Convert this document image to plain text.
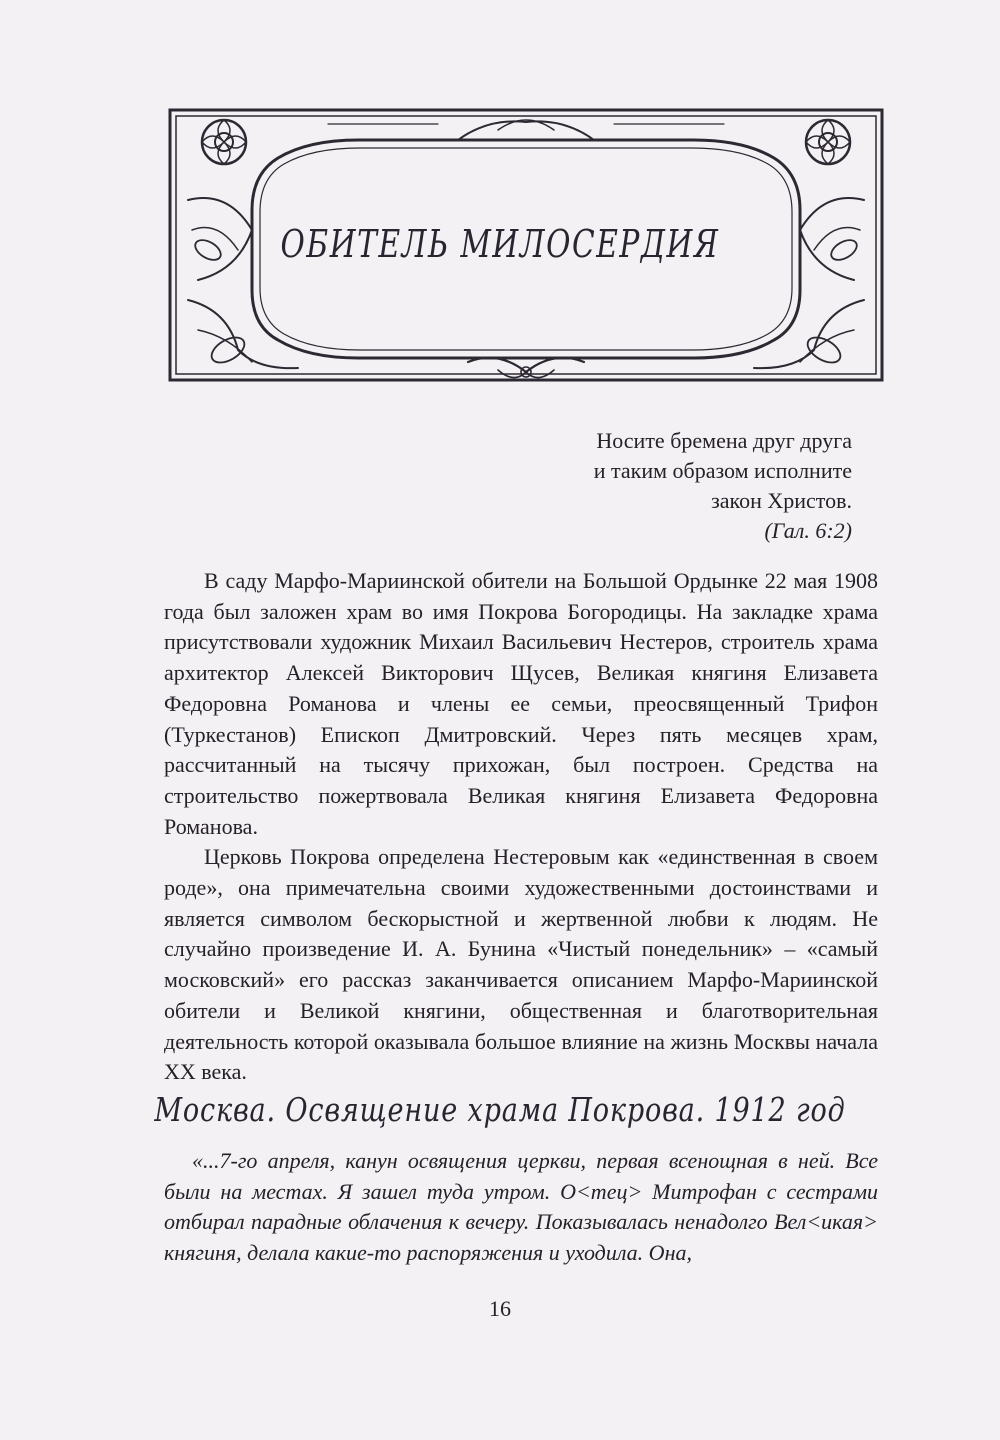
ОБИТЕЛЬ МИЛОСЕРДИЯ
Носите бремена друг друга
и таким образом исполните
закон Христов.
(Гал. 6:2)

В саду Марфо-Мариинской обители на Большой Ордынке 22 мая 1908 года был заложен храм во имя Покрова Богородицы. На закладке храма присутствовали художник Михаил Васильевич Нестеров, строитель храма архитектор Алексей Викторович Щусев, Великая княгиня Елизавета Федоровна Романова и члены ее семьи, преосвященный Трифон (Туркестанов) Епископ Дмитровский. Через пять месяцев храм, рассчитанный на тысячу прихожан, был построен. Средства на строительство пожертвовала Великая княгиня Елизавета Федоровна Романова.

Церковь Покрова определена Нестеровым как «единственная в своем роде», она примечательна своими художественными достоинствами и является символом бескорыстной и жертвенной любви к людям. Не случайно произведение И. А. Бунина «Чистый понедельник» – «самый московский» его рассказ заканчивается описанием Марфо-Мариинской обители и Великой княгини, общественная и благотворительная деятельность которой оказывала большое влияние на жизнь Москвы начала XX века.

Москва. Освящение храма Покрова. 1912 год

«...7-го апреля, канун освящения церкви, первая всенощная в ней. Все были на местах. Я зашел туда утром. О<тец> Митрофан с сестрами отбирал парадные облачения к вечеру. Показывалась ненадолго Вел<икая> княгиня, делала какие-то распоряжения и уходила. Она,

16
